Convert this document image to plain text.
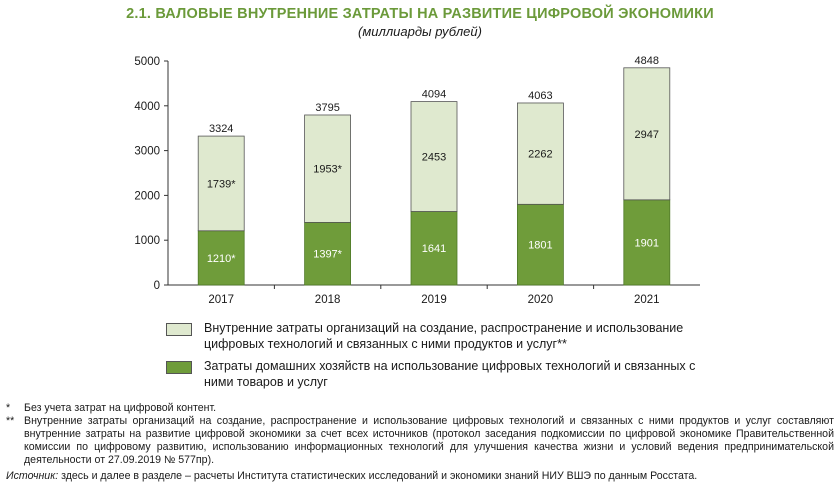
2.1. ВАЛОВЫЕ ВНУТРЕННИЕ ЗАТРАТЫ НА РАЗВИТИЕ ЦИФРОВОЙ ЭКОНОМИКИ
(миллиарды рублей)
0
1000
2000
3000
4000
5000
1210*
1739*
3324
2017
1397*
1953*
3795
2018
1641
2453
4094
2019
1801
2262
4063
2020
1901
2947
4848
2021
Внутренние затраты организаций на создание, распространение и использование цифровых технологий и связанных с ними продуктов и услуг**
Затраты домашних хозяйств на использование цифровых технологий и связанных с ними товаров и услуг
* Без учета затрат на цифровой контент.
** Внутренние затраты организаций на создание, распространение и использование цифровых технологий и связанных с ними продуктов и услуг составляют внутренние затраты на развитие цифровой экономики за счет всех источников (протокол заседания подкомиссии по цифровой экономике Правительственной комиссии по цифровому развитию, использованию информационных технологий для улучшения качества жизни и условий ведения предпринимательской деятельности от 27.09.2019 № 577пр).
Источник: здесь и далее в разделе – расчеты Института статистических исследований и экономики знаний НИУ ВШЭ по данным Росстата.
